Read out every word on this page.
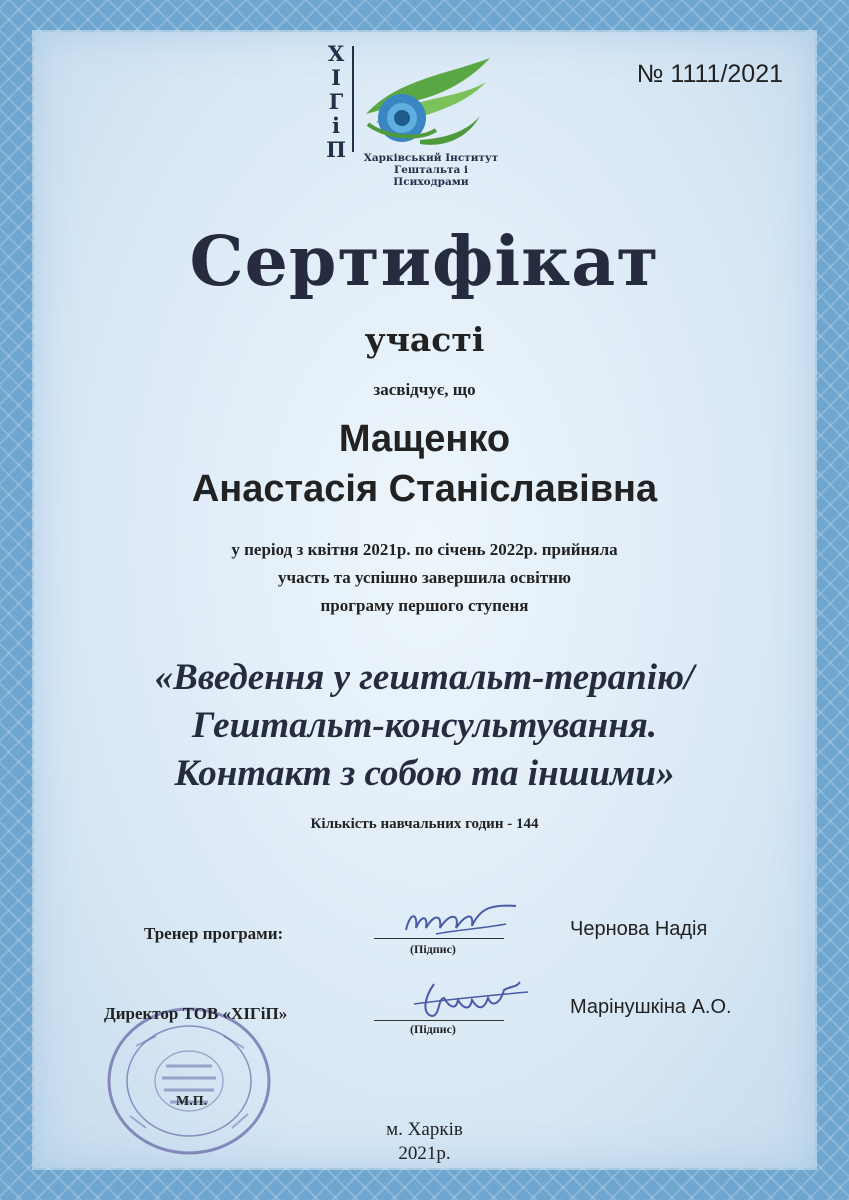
№ 1111/2021
Х
І
Г
і
П	Харківський Інститут
Гештальта і Психодрами
Сертифікат
участі
засвідчує, що
Мащенко
Анастасія Станіславівна
у період з квітня 2021р. по січень 2022р. прийняла
участь та успішно завершила освітню
програму першого ступеня
«Введення у гештальт-терапію/
Гештальт-консультування.
Контакт з собою та іншими»
Кількість навчальних годин - 144
Тренер програми:
(Підпис)
Чернова Надія
Директор ТОВ «ХІГіП»
(Підпис)
Марінушкіна А.О.
М.П.
м. Харків
2021р.
